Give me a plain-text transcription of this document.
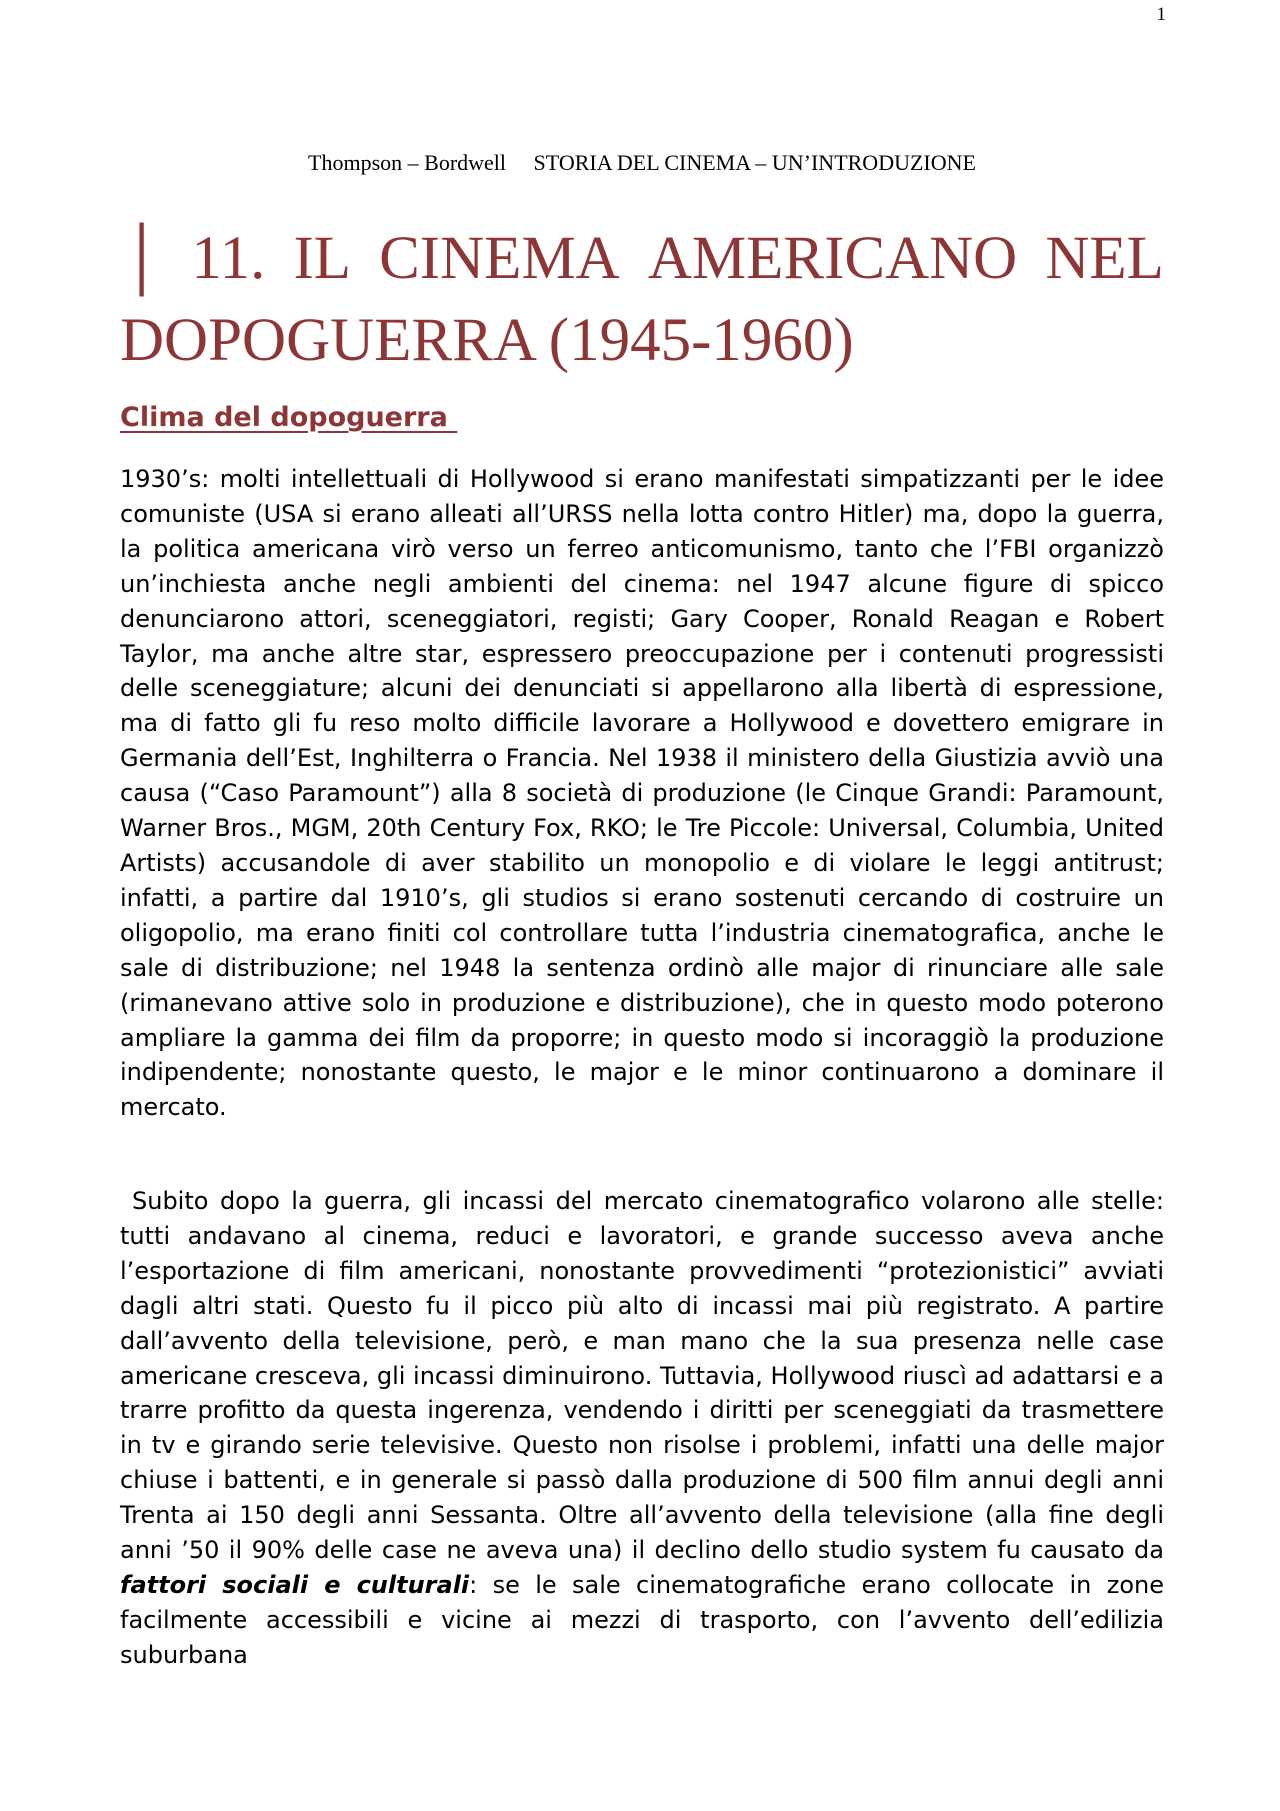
1
Thompson – Bordwell     STORIA DEL CINEMA – UN’INTRODUZIONE
│ 11. IL CINEMA AMERICANO NEL
DOPOGUERRA (1945-1960)
Clima del dopoguerra

1930’s: molti intellettuali di Hollywood si erano manifestati simpatizzanti per le idee comuniste (USA si erano alleati all’URSS nella lotta contro Hitler) ma, dopo la guerra, la politica americana virò verso un ferreo anticomunismo, tanto che l’FBI organizzò un’inchiesta anche negli ambienti del cinema: nel 1947 alcune figure di spicco denunciarono attori, sceneggiatori, registi; Gary Cooper, Ronald Reagan e Robert Taylor, ma anche altre star, espressero preoccupazione per i contenuti progressisti delle sceneggiature; alcuni dei denunciati si appellarono alla libertà di espressione, ma di fatto gli fu reso molto difficile lavorare a Hollywood e dovettero emigrare in Germania dell’Est, Inghilterra o Francia. Nel 1938 il ministero della Giustizia avviò una causa (“Caso Paramount”) alla 8 società di produzione (le Cinque Grandi: Paramount, Warner Bros., MGM, 20th Century Fox, RKO; le Tre Piccole: Universal, Columbia, United Artists) accusandole di aver stabilito un monopolio e di violare le leggi antitrust; infatti, a partire dal 1910’s, gli studios si erano sostenuti cercando di costruire un oligopolio, ma erano finiti col controllare tutta l’industria cinematografica, anche le sale di distribuzione; nel 1948 la sentenza ordinò alle major di rinunciare alle sale (rimanevano attive solo in produzione e distribuzione), che in questo modo poterono ampliare la gamma dei film da proporre; in questo modo si incoraggiò la produzione indipendente; nonostante questo, le major e le minor continuarono a dominare il mercato.

Subito dopo la guerra, gli incassi del mercato cinematografico volarono alle stelle: tutti andavano al cinema, reduci e lavoratori, e grande successo aveva anche l’esportazione di film americani, nonostante provvedimenti “protezionistici” avviati dagli altri stati. Questo fu il picco più alto di incassi mai più registrato. A partire dall’avvento della televisione, però, e man mano che la sua presenza nelle case americane cresceva, gli incassi diminuirono. Tuttavia, Hollywood riuscì ad adattarsi e a trarre profitto da questa ingerenza, vendendo i diritti per sceneggiati da trasmettere in tv e girando serie televisive. Questo non risolse i problemi, infatti una delle major chiuse i battenti, e in generale si passò dalla produzione di 500 film annui degli anni Trenta ai 150 degli anni Sessanta. Oltre all’avvento della televisione (alla fine degli anni ’50 il 90% delle case ne aveva una) il declino dello studio system fu causato da fattori sociali e culturali: se le sale cinematografiche erano collocate in zone facilmente accessibili e vicine ai mezzi di trasporto, con l’avvento dell’edilizia suburbana
